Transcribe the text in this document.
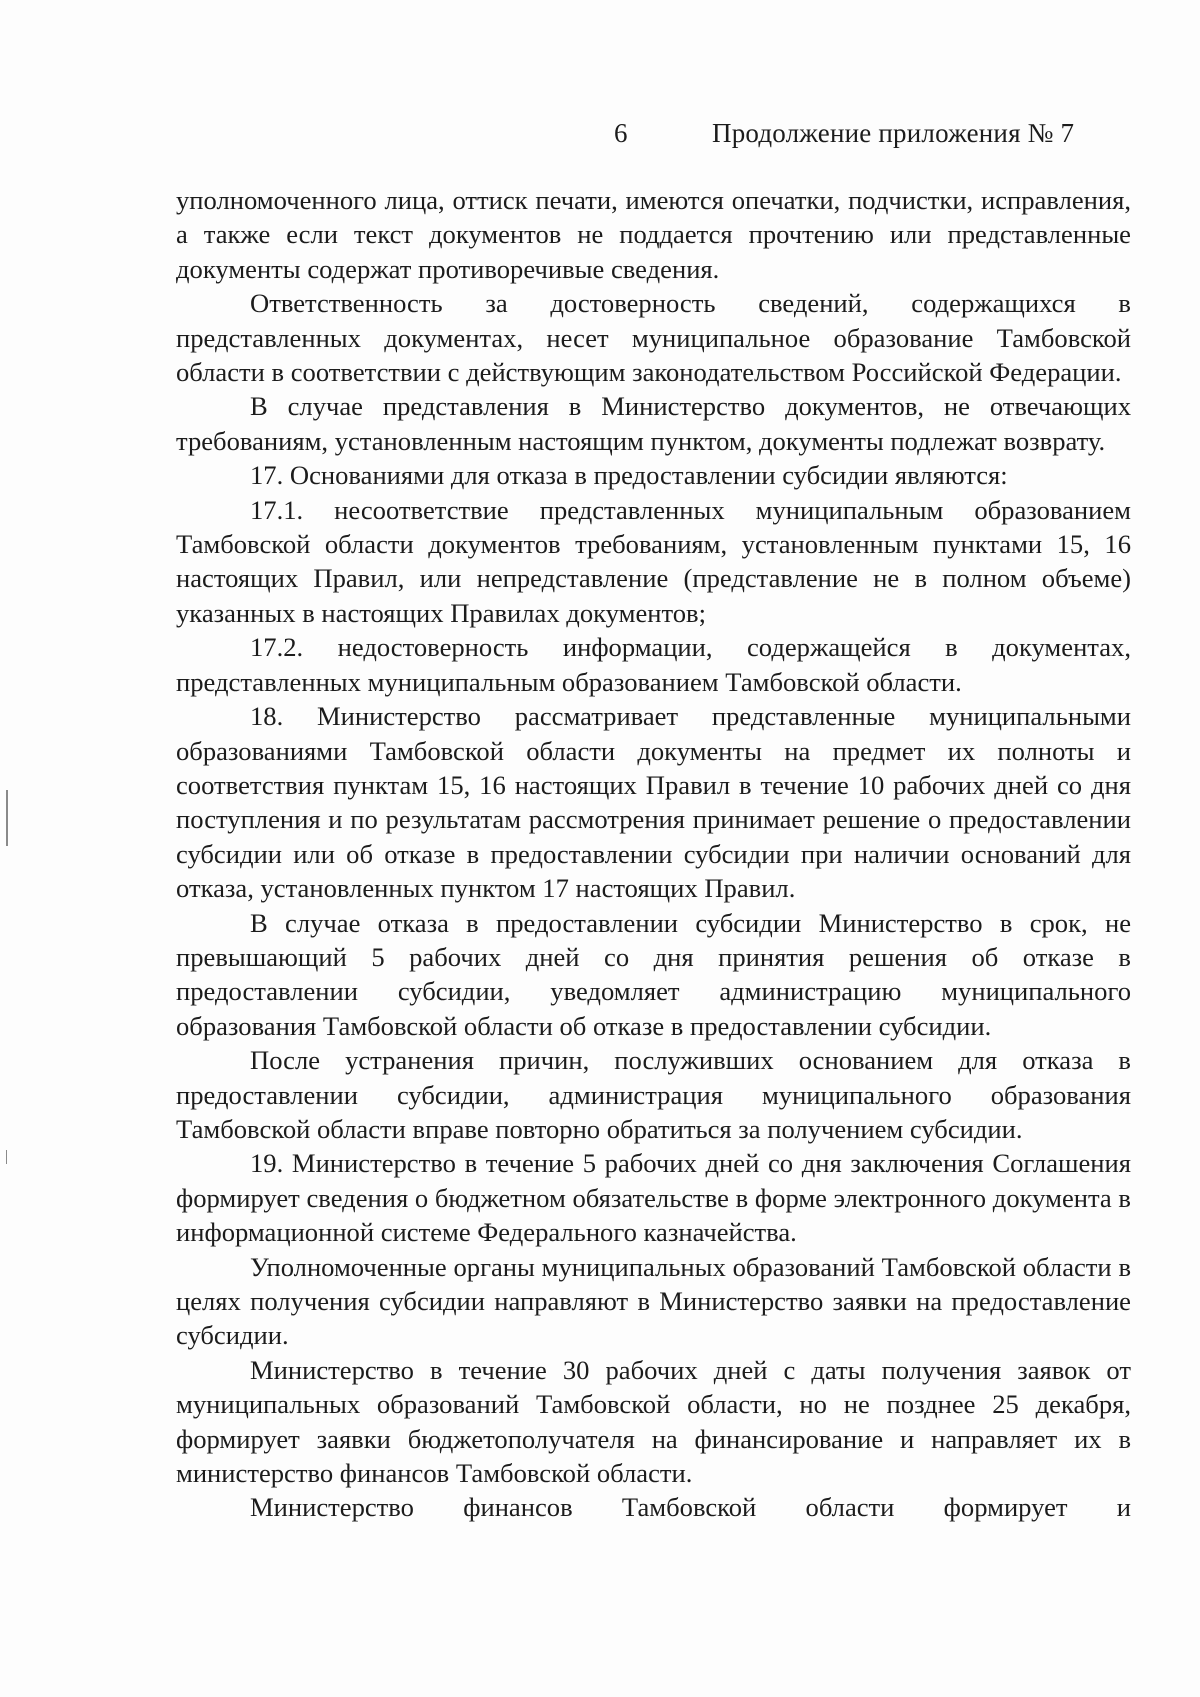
6	Продолжение приложения № 7

уполномоченного лица, оттиск печати, имеются опечатки, подчистки, исправления, а также если текст документов не поддается прочтению или представленные документы содержат противоречивые сведения.

Ответственность за достоверность сведений, содержащихся в представленных документах, несет муниципальное образование Тамбовской области в соответствии с действующим законодательством Российской Федерации.

В случае представления в Министерство документов, не отвечающих требованиям, установленным настоящим пунктом, документы подлежат возврату.

17. Основаниями для отказа в предоставлении субсидии являются:

17.1. несоответствие представленных муниципальным образованием Тамбовской области документов требованиям, установленным пунктами 15, 16 настоящих Правил, или непредставление (представление не в полном объеме) указанных в настоящих Правилах документов;

17.2. недостоверность информации, содержащейся в документах, представленных муниципальным образованием Тамбовской области.

18. Министерство рассматривает представленные муниципальными образованиями Тамбовской области документы на предмет их полноты и соответствия пунктам 15, 16 настоящих Правил в течение 10 рабочих дней со дня поступления и по результатам рассмотрения принимает решение о предоставлении субсидии или об отказе в предоставлении субсидии при наличии оснований для отказа, установленных пунктом 17 настоящих Правил.

В случае отказа в предоставлении субсидии Министерство в срок, не превышающий 5 рабочих дней со дня принятия решения об отказе в предоставлении субсидии, уведомляет администрацию муниципального образования Тамбовской области об отказе в предоставлении субсидии.

После устранения причин, послуживших основанием для отказа в предоставлении субсидии, администрация муниципального образования Тамбовской области вправе повторно обратиться за получением субсидии.

19. Министерство в течение 5 рабочих дней со дня заключения Соглашения формирует сведения о бюджетном обязательстве в форме электронного документа в информационной системе Федерального казначейства.

Уполномоченные органы муниципальных образований Тамбовской области в целях получения субсидии направляют в Министерство заявки на предоставление субсидии.

Министерство в течение 30 рабочих дней с даты получения заявок от муниципальных образований Тамбовской области, но не позднее 25 декабря, формирует заявки бюджетополучателя на финансирование и направляет их в министерство финансов Тамбовской области.

Министерство финансов Тамбовской области формирует и
